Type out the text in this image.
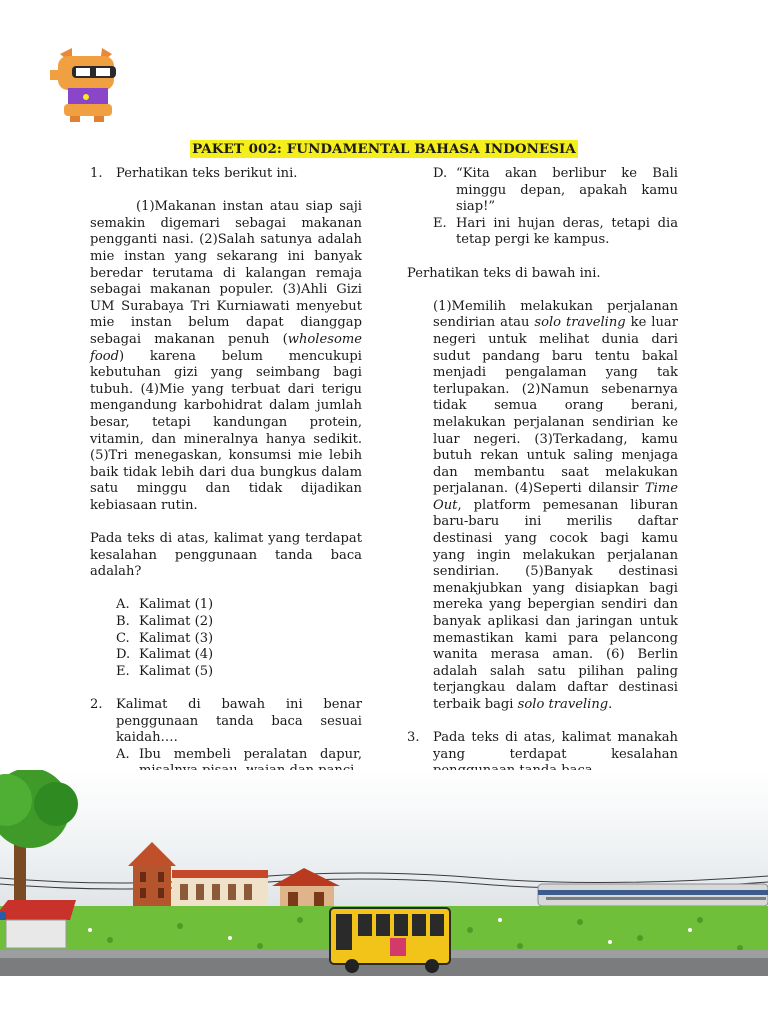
PAKET 002: FUNDAMENTAL BAHASA INDONESIA
1.	Perhatikan teks berikut ini.
(1)Makanan instan atau siap saji semakin digemari sebagai makanan pengganti nasi. (2)Salah satunya adalah mie instan yang sekarang ini banyak beredar terutama di kalangan remaja sebagai makanan populer. (3)Ahli Gizi UM Surabaya Tri Kurniawati menyebut mie instan belum dapat dianggap sebagai makanan penuh (wholesome food) karena belum mencukupi kebutuhan gizi yang seimbang bagi tubuh. (4)Mie yang terbuat dari terigu mengandung karbohidrat dalam jumlah besar, tetapi kandungan protein, vitamin, dan mineralnya hanya sedikit. (5)Tri menegaskan, konsumsi mie lebih baik tidak lebih dari dua bungkus dalam satu minggu dan tidak dijadikan kebiasaan rutin.
Pada teks di atas, kalimat yang terdapat kesalahan penggunaan tanda baca adalah?
A. Kalimat (1)
B. Kalimat (2)
C. Kalimat (3)
D. Kalimat (4)
E. Kalimat (5)
2.	Kalimat di bawah ini benar penggunaan tanda baca sesuai kaidah….
A. Ibu membeli peralatan dapur,
D. “Kita akan berlibur ke Bali minggu depan, apakah kamu siap!”
E. Hari ini hujan deras, tetapi dia tetap pergi ke kampus.
Perhatikan teks di bawah ini.
(1)Memilih melakukan perjalanan sendirian atau solo traveling ke luar negeri untuk melihat dunia dari sudut pandang baru tentu bakal menjadi pengalaman yang tak terlupakan. (2)Namun sebenarnya tidak semua orang berani, melakukan perjalanan sendirian ke luar negeri. (3)Terkadang, kamu butuh rekan untuk saling menjaga dan membantu saat melakukan perjalanan. (4)Seperti dilansir Time Out, platform pemesanan liburan baru-baru ini merilis daftar destinasi yang cocok bagi kamu yang ingin melakukan perjalanan sendirian. (5)Banyak destinasi menakjubkan yang disiapkan bagi mereka yang bepergian sendiri dan banyak aplikasi dan jaringan untuk memastikan kami para pelancong wanita merasa aman. (6) Berlin adalah salah satu pilihan paling terjangkau dalam daftar destinasi terbaik bagi solo traveling.
3.	Pada teks di atas, kalimat manakah yang terdapat kesalahan
